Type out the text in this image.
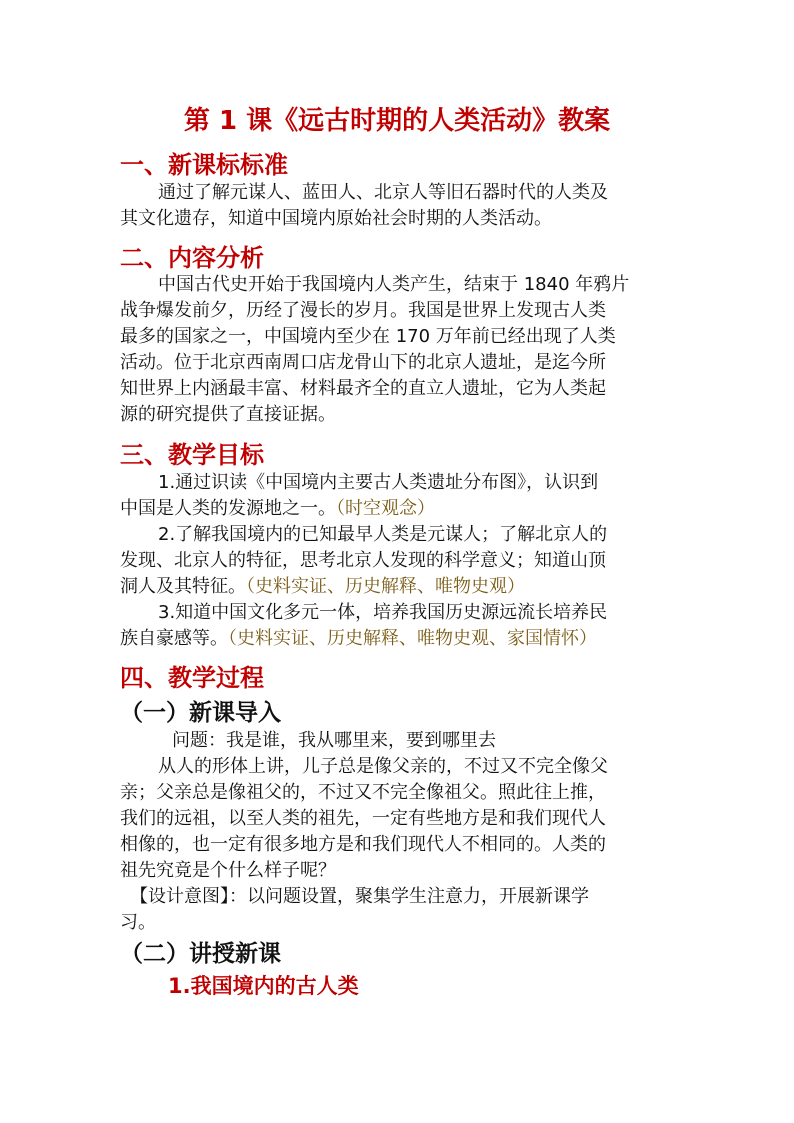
第 1 课《远古时期的人类活动》教案
一、新课标标准
通过了解元谋人、蓝田人、北京人等旧石器时代的人类及
其文化遗存，知道中国境内原始社会时期的人类活动。
二、内容分析
中国古代史开始于我国境内人类产生，结束于 1840 年鸦片
战争爆发前夕，历经了漫长的岁月。我国是世界上发现古人类
最多的国家之一，中国境内至少在 170 万年前已经出现了人类
活动。位于北京西南周口店龙骨山下的北京人遗址，是迄今所
知世界上内涵最丰富、材料最齐全的直立人遗址，它为人类起
源的研究提供了直接证据。
三、教学目标
1.通过识读《中国境内主要古人类遗址分布图》，认识到
中国是人类的发源地之一。（时空观念）
2.了解我国境内的已知最早人类是元谋人；了解北京人的
发现、北京人的特征，思考北京人发现的科学意义；知道山顶
洞人及其特征。（史料实证、历史解释、唯物史观）
3.知道中国文化多元一体，培养我国历史源远流长培养民
族自豪感等。（史料实证、历史解释、唯物史观、家国情怀）
四、教学过程
（一）新课导入
问题：我是谁，我从哪里来，要到哪里去
从人的形体上讲，儿子总是像父亲的，不过又不完全像父
亲；父亲总是像祖父的，不过又不完全像祖父。照此往上推，
我们的远祖，以至人类的祖先，一定有些地方是和我们现代人
相像的，也一定有很多地方是和我们现代人不相同的。人类的
祖先究竟是个什么样子呢？
【设计意图】：以问题设置，聚集学生注意力，开展新课学
习。
（二）讲授新课
1.我国境内的古人类
